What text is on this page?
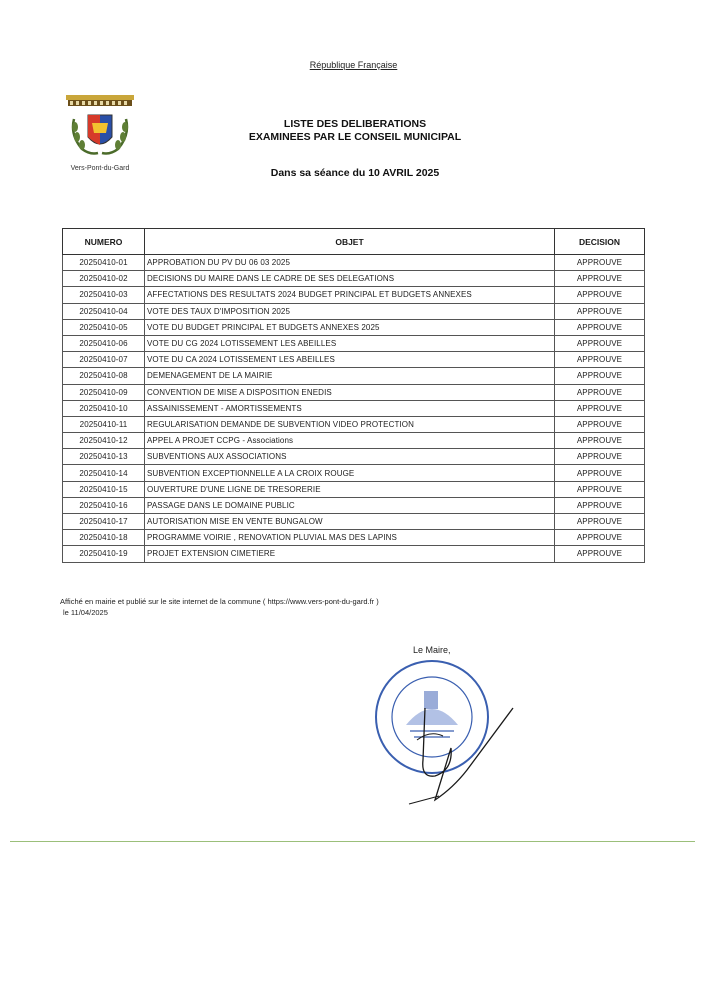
République Française
Vers-Pont-du-Gard
LISTE DES DELIBERATIONS
EXAMINEES PAR LE CONSEIL MUNICIPAL
Dans sa séance du 10 AVRIL 2025
NUMERO	OBJET	DECISION
20250410-01	APPROBATION DU PV DU 06 03 2025	APPROUVE
20250410-02	DECISIONS DU MAIRE DANS LE CADRE DE SES DELEGATIONS	APPROUVE
20250410-03	AFFECTATIONS DES RESULTATS 2024 BUDGET PRINCIPAL ET BUDGETS ANNEXES	APPROUVE
20250410-04	VOTE DES TAUX D'IMPOSITION 2025	APPROUVE
20250410-05	VOTE DU BUDGET PRINCIPAL ET BUDGETS ANNEXES 2025	APPROUVE
20250410-06	VOTE DU CG 2024 LOTISSEMENT LES ABEILLES	APPROUVE
20250410-07	VOTE DU CA 2024 LOTISSEMENT LES ABEILLES	APPROUVE
20250410-08	DEMENAGEMENT DE LA MAIRIE	APPROUVE
20250410-09	CONVENTION DE MISE A DISPOSITION ENEDIS	APPROUVE
20250410-10	ASSAINISSEMENT - AMORTISSEMENTS	APPROUVE
20250410-11	REGULARISATION DEMANDE DE SUBVENTION VIDEO PROTECTION	APPROUVE
20250410-12	APPEL A PROJET CCPG - Associations	APPROUVE
20250410-13	SUBVENTIONS AUX ASSOCIATIONS	APPROUVE
20250410-14	SUBVENTION EXCEPTIONNELLE A LA CROIX ROUGE	APPROUVE
20250410-15	OUVERTURE D'UNE LIGNE DE TRESORERIE	APPROUVE
20250410-16	PASSAGE DANS LE DOMAINE PUBLIC	APPROUVE
20250410-17	AUTORISATION MISE EN VENTE BUNGALOW	APPROUVE
20250410-18	PROGRAMME VOIRIE , RENOVATION PLUVIAL MAS DES LAPINS	APPROUVE
20250410-19	PROJET EXTENSION CIMETIERE	APPROUVE
Affiché en mairie et publié sur le site internet de la commune ( https://www.vers-pont-du-gard.fr )
le 11/04/2025
Le Maire,
